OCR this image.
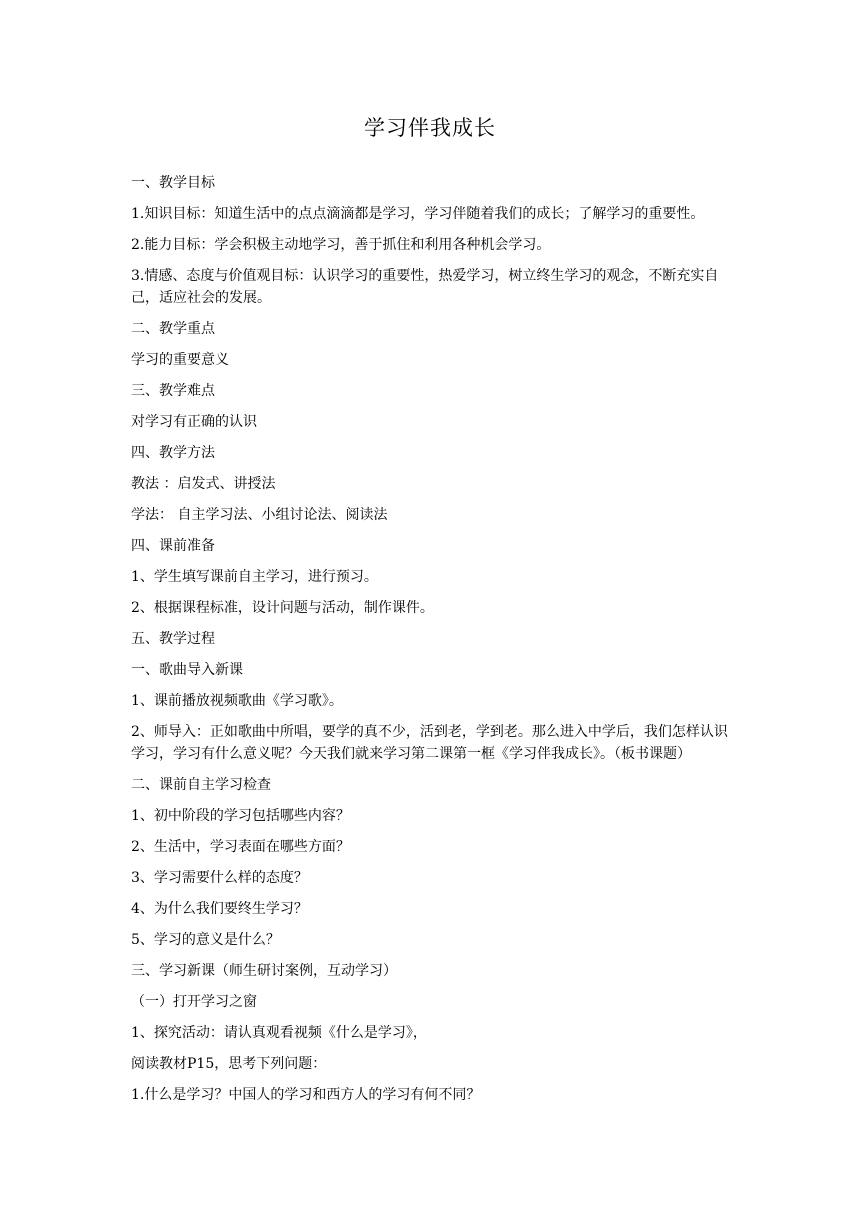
学习伴我成长
一、教学目标
1.知识目标：知道生活中的点点滴滴都是学习，学习伴随着我们的成长；了解学习的重要性。
2.能力目标：学会积极主动地学习，善于抓住和利用各种机会学习。
3.情感、态度与价值观目标：认识学习的重要性，热爱学习，树立终生学习的观念，不断充实自己，适应社会的发展。
二、教学重点
学习的重要意义
三、教学难点
对学习有正确的认识
四、教学方法
教法 ：启发式、讲授法
学法： 自主学习法、小组讨论法、阅读法
四、课前准备
1、学生填写课前自主学习，进行预习。
2、根据课程标准，设计问题与活动，制作课件。
五、教学过程
一、歌曲导入新课
1、课前播放视频歌曲《学习歌》。
2、师导入：正如歌曲中所唱，要学的真不少，活到老，学到老。那么进入中学后，我们怎样认识学习，学习有什么意义呢？今天我们就来学习第二课第一框《学习伴我成长》。（板书课题）
二、课前自主学习检查
1、初中阶段的学习包括哪些内容？
2、生活中，学习表面在哪些方面？
3、学习需要什么样的态度？
4、为什么我们要终生学习？
5、学习的意义是什么？
三、学习新课（师生研讨案例，互动学习）
（一）打开学习之窗
1、探究活动：请认真观看视频《什么是学习》，
阅读教材P15，思考下列问题：
1.什么是学习？中国人的学习和西方人的学习有何不同？
